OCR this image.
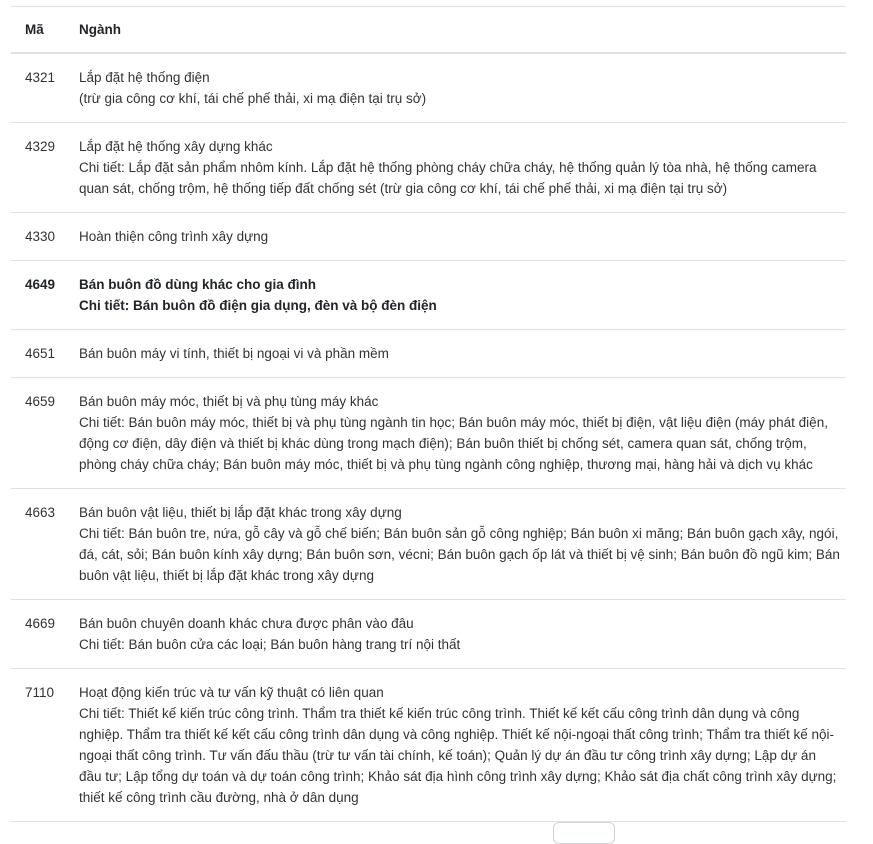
Mã	Ngành
4321	Lắp đặt hệ thống điện
(trừ gia công cơ khí, tái chế phế thải, xi mạ điện tại trụ sở)

4329	Lắp đặt hệ thống xây dựng khác
Chi tiết: Lắp đặt sản phẩm nhôm kính. Lắp đặt hệ thống phòng cháy chữa cháy, hệ thống quản lý tòa nhà, hệ thống camera quan sát, chống trộm, hệ thống tiếp đất chống sét (trừ gia công cơ khí, tái chế phế thải, xi mạ điện tại trụ sở)

4330	Hoàn thiện công trình xây dựng

4649	Bán buôn đồ dùng khác cho gia đình
Chi tiết: Bán buôn đồ điện gia dụng, đèn và bộ đèn điện

4651	Bán buôn máy vi tính, thiết bị ngoại vi và phần mềm

4659	Bán buôn máy móc, thiết bị và phụ tùng máy khác
Chi tiết: Bán buôn máy móc, thiết bị và phụ tùng ngành tin học; Bán buôn máy móc, thiết bị điện, vật liệu điện (máy phát điện, động cơ điện, dây điện và thiết bị khác dùng trong mạch điện); Bán buôn thiết bị chống sét, camera quan sát, chống trộm, phòng cháy chữa cháy; Bán buôn máy móc, thiết bị và phụ tùng ngành công nghiệp, thương mại, hàng hải và dịch vụ khác

4663	Bán buôn vật liệu, thiết bị lắp đặt khác trong xây dựng
Chi tiết: Bán buôn tre, nứa, gỗ cây và gỗ chế biến; Bán buôn sản gỗ công nghiệp; Bán buôn xi măng; Bán buôn gạch xây, ngói, đá, cát, sỏi; Bán buôn kính xây dựng; Bán buôn sơn, vécni; Bán buôn gạch ốp lát và thiết bị vệ sinh; Bán buôn đồ ngũ kim; Bán buôn vật liệu, thiết bị lắp đặt khác trong xây dựng

4669	Bán buôn chuyên doanh khác chưa được phân vào đâu
Chi tiết: Bán buôn cửa các loại; Bán buôn hàng trang trí nội thất

7110	Hoạt động kiến trúc và tư vấn kỹ thuật có liên quan
Chi tiết: Thiết kế kiến trúc công trình. Thẩm tra thiết kế kiến trúc công trình. Thiết kế kết cấu công trình dân dụng và công nghiệp. Thẩm tra thiết kế kết cấu công trình dân dụng và công nghiệp. Thiết kế nội-ngoại thất công trình; Thẩm tra thiết kế nội-ngoại thất công trình. Tư vấn đấu thầu (trừ tư vấn tài chính, kế toán); Quản lý dự án đầu tư công trình xây dựng; Lập dự án đầu tư; Lập tổng dự toán và dự toán công trình; Khảo sát địa hình công trình xây dựng; Khảo sát địa chất công trình xây dựng; thiết kế công trình cầu đường, nhà ở dân dụng
